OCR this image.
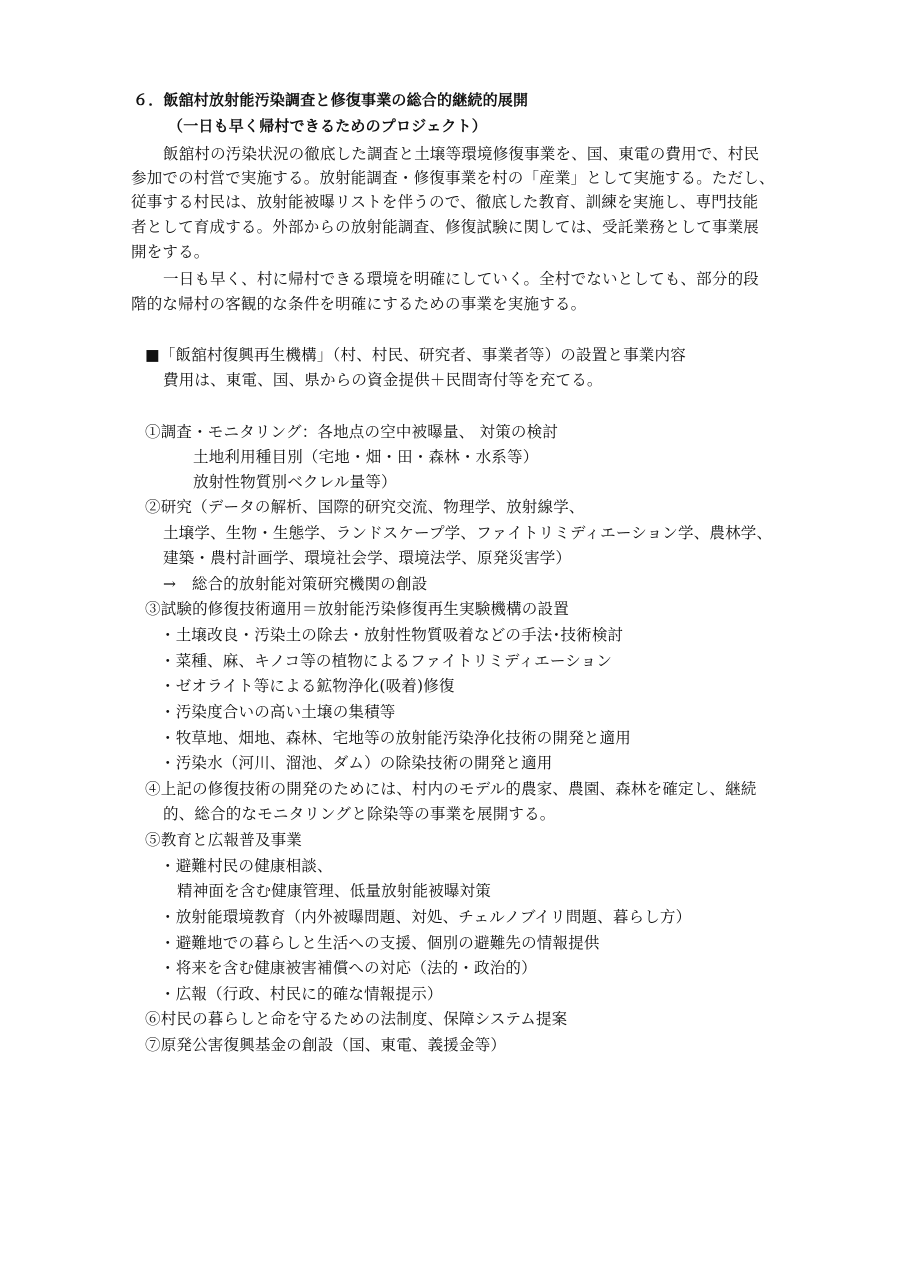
６．飯舘村放射能汚染調査と修復事業の総合的継続的展開
（一日も早く帰村できるためのプロジェクト）
飯舘村の汚染状況の徹底した調査と土壌等環境修復事業を、国、東電の費用で、村民
参加での村営で実施する。放射能調査・修復事業を村の「産業」として実施する。ただし、
従事する村民は、放射能被曝リストを伴うので、徹底した教育、訓練を実施し、専門技能
者として育成する。外部からの放射能調査、修復試験に関しては、受託業務として事業展
開をする。
一日も早く、村に帰村できる環境を明確にしていく。全村でないとしても、部分的段
階的な帰村の客観的な条件を明確にするための事業を実施する。
■「飯舘村復興再生機構」（村、村民、研究者、事業者等）の設置と事業内容
費用は、東電、国、県からの資金提供＋民間寄付等を充てる。
①調査・モニタリング：各地点の空中被曝量、 対策の検討
土地利用種目別（宅地・畑・田・森林・水系等）
放射性物質別ベクレル量等）
②研究（データの解析、国際的研究交流、物理学、放射線学、
土壌学、生物・生態学、ランドスケープ学、ファイトリミディエーション学、農林学、
建築・農村計画学、環境社会学、環境法学、原発災害学）
→　総合的放射能対策研究機関の創設
③試験的修復技術適用＝放射能汚染修復再生実験機構の設置
・土壌改良・汚染土の除去・放射性物質吸着などの手法･技術検討
・菜種、麻、キノコ等の植物によるファイトリミディエーション
・ゼオライト等による鉱物浄化(吸着)修復
・汚染度合いの高い土壌の集積等
・牧草地、畑地、森林、宅地等の放射能汚染浄化技術の開発と適用
・汚染水（河川、溜池、ダム）の除染技術の開発と適用
④上記の修復技術の開発のためには、村内のモデル的農家、農園、森林を確定し、継続
的、総合的なモニタリングと除染等の事業を展開する。
⑤教育と広報普及事業
・避難村民の健康相談、
精神面を含む健康管理、低量放射能被曝対策
・放射能環境教育（内外被曝問題、対処、チェルノブイリ問題、暮らし方）
・避難地での暮らしと生活への支援、個別の避難先の情報提供
・将来を含む健康被害補償への対応（法的・政治的）
・広報（行政、村民に的確な情報提示）
⑥村民の暮らしと命を守るための法制度、保障システム提案
⑦原発公害復興基金の創設（国、東電、義援金等）
